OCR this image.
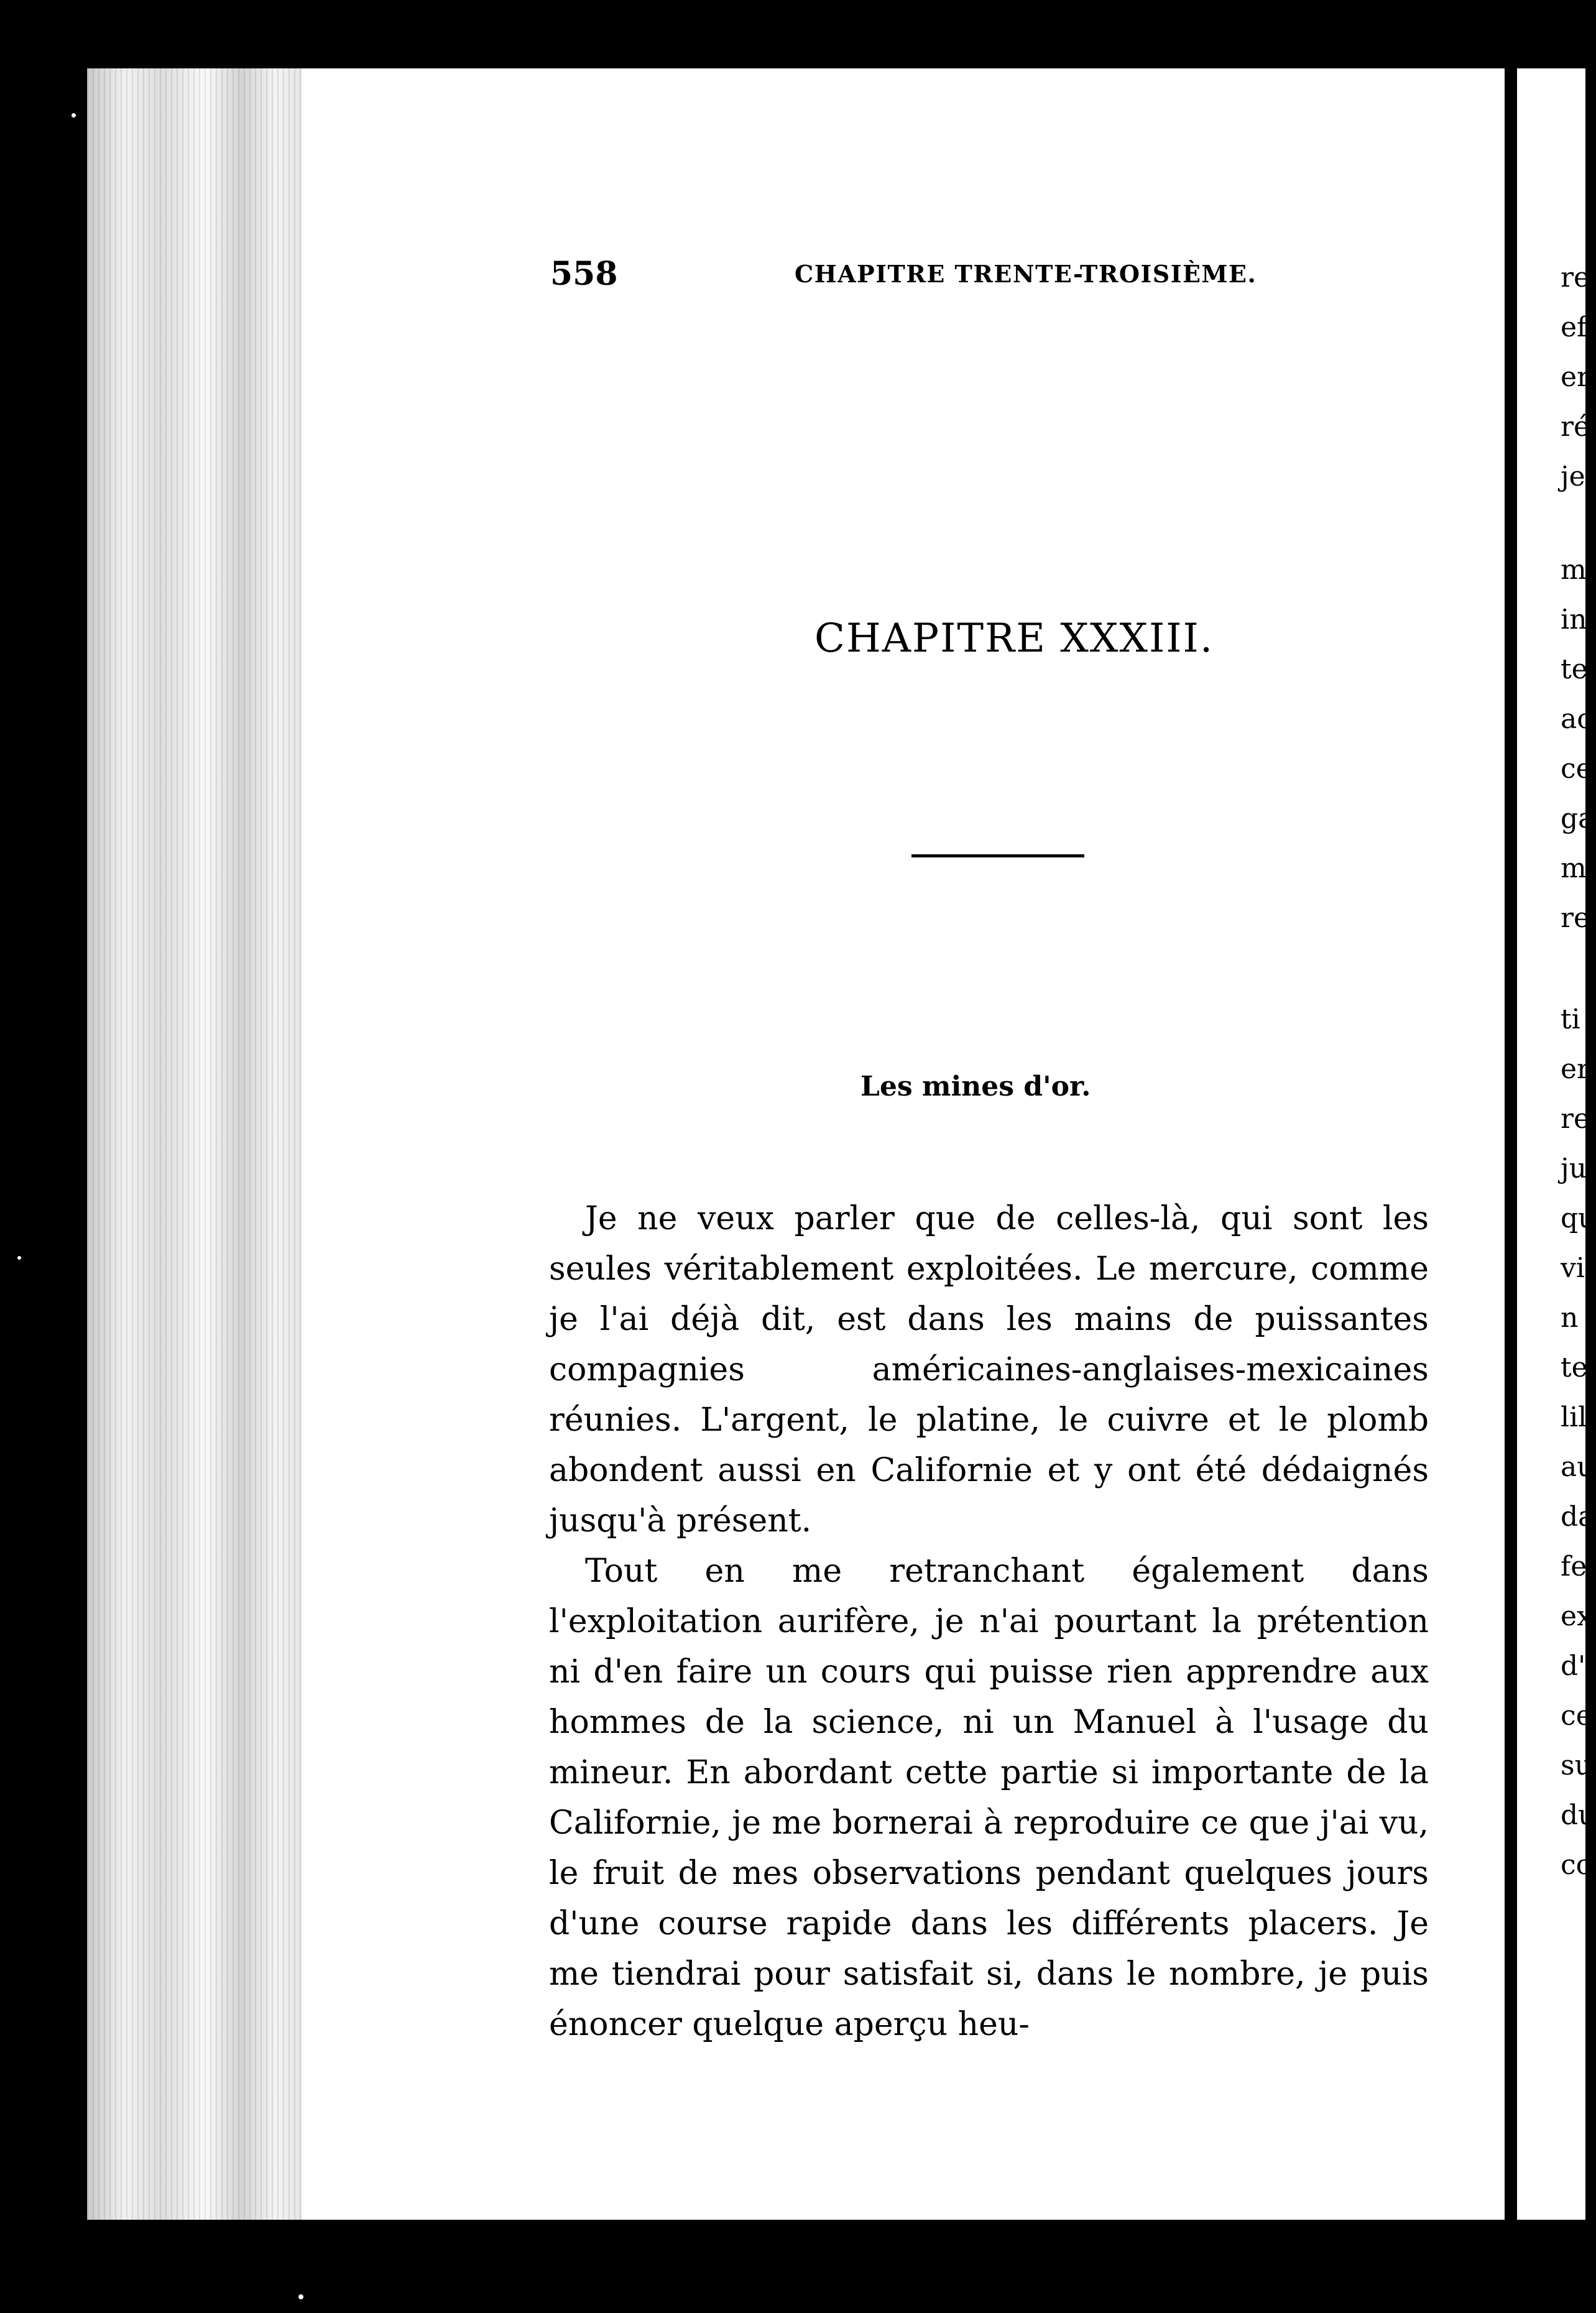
558	CHAPITRE TRENTE-TROISIÈME.
CHAPITRE XXXIII.
Les mines d'or.

Je ne veux parler que de celles-là, qui sont les seules véritablement exploitées. Le mercure, comme je l'ai déjà dit, est dans les mains de puissantes compagnies américaines-anglaises-mexicaines réunies. L'argent, le platine, le cuivre et le plomb abondent aussi en Californie et y ont été dédaignés jusqu'à présent.

Tout en me retranchant également dans l'exploitation aurifère, je n'ai pourtant la prétention ni d'en faire un cours qui puisse rien apprendre aux hommes de la science, ni un Manuel à l'usage du mineur. En abordant cette partie si importante de la Californie, je me bornerai à reproduire ce que j'ai vu, le fruit de mes observations pendant quelques jours d'une course rapide dans les différents placers. Je me tiendrai pour satisfait si, dans le nombre, je puis énoncer quelque aperçu heu-

re
ef
er
ré
je
m
in
te
ac
ce
ga
m
re
ti
er
re
ju
qu
vi
n
te
lil
au
da
fe
ex
d'
ce
su
du
cc
